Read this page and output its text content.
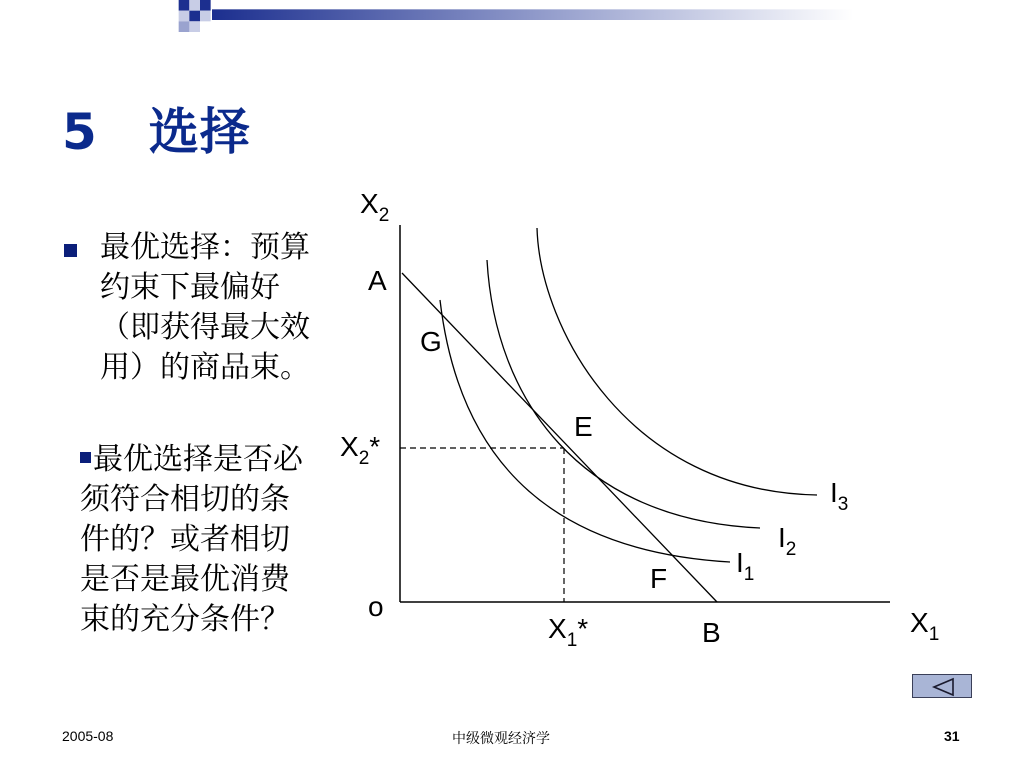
5　选择
最优选择：预算约束下最偏好（即获得最大效用）的商品束。
最优选择是否必须符合相切的条件的？或者相切是否是最优消费束的充分条件？
$X_2$
$X_1$
o
A
B
G
E
F
$X_2*$
$X_1*$
$I_3$
$I_2$
$I_1$
2005-08	中级微观经济学	31
